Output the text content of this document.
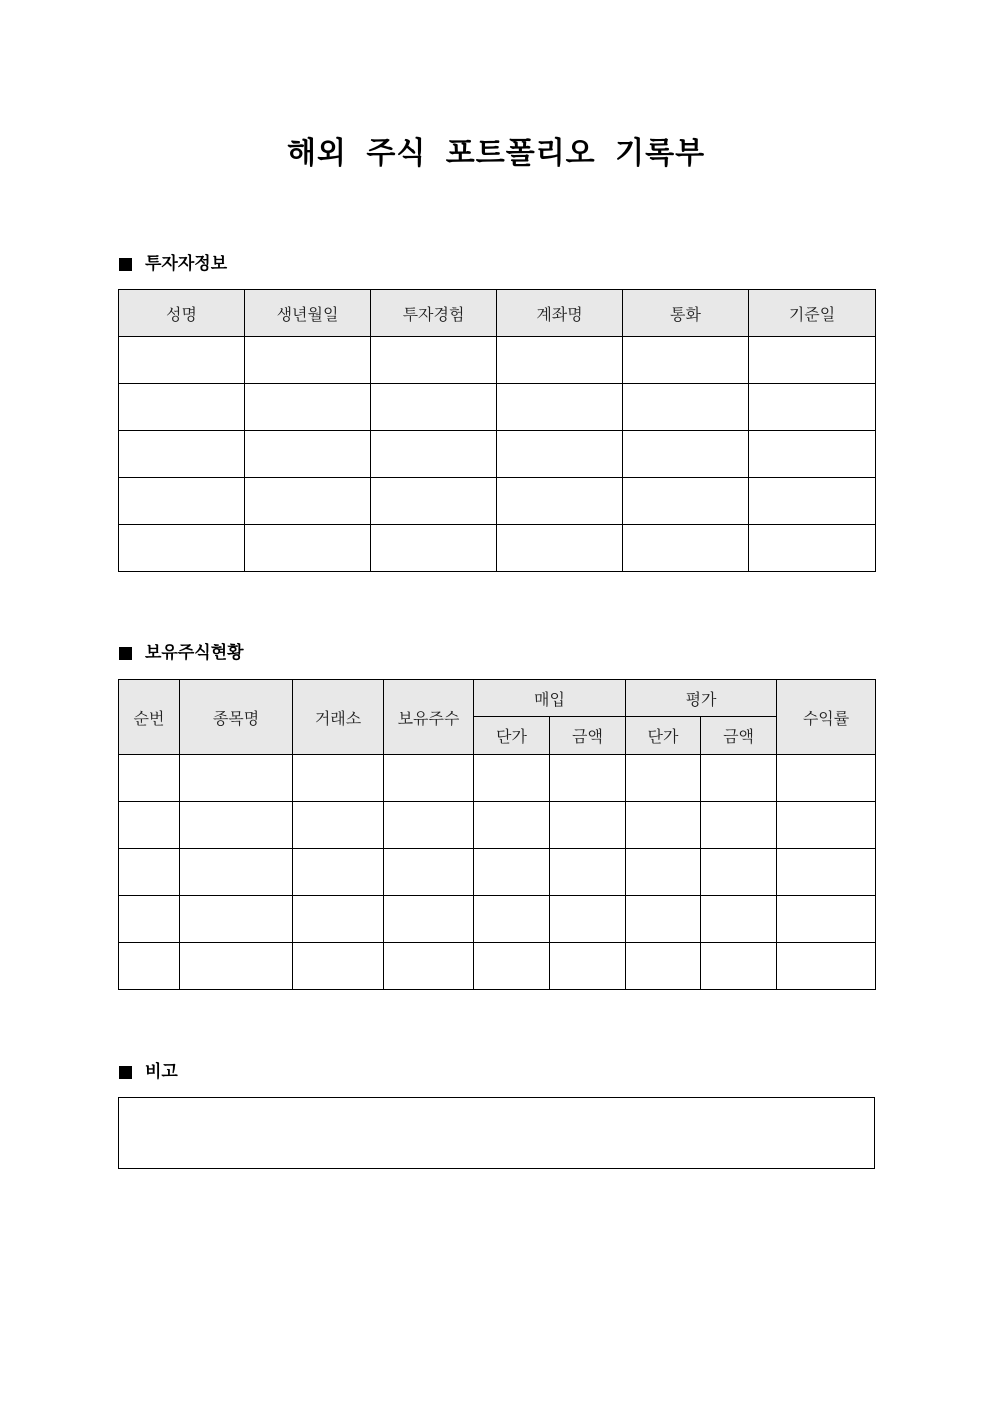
해외 주식 포트폴리오 기록부
투자자정보
성명	생년월일	투자경험	계좌명	통화	기준일

보유주식현황
순번	종목명	거래소	보유주수	매입		평가		수익률
				단가	금액	단가	금액	

비고
